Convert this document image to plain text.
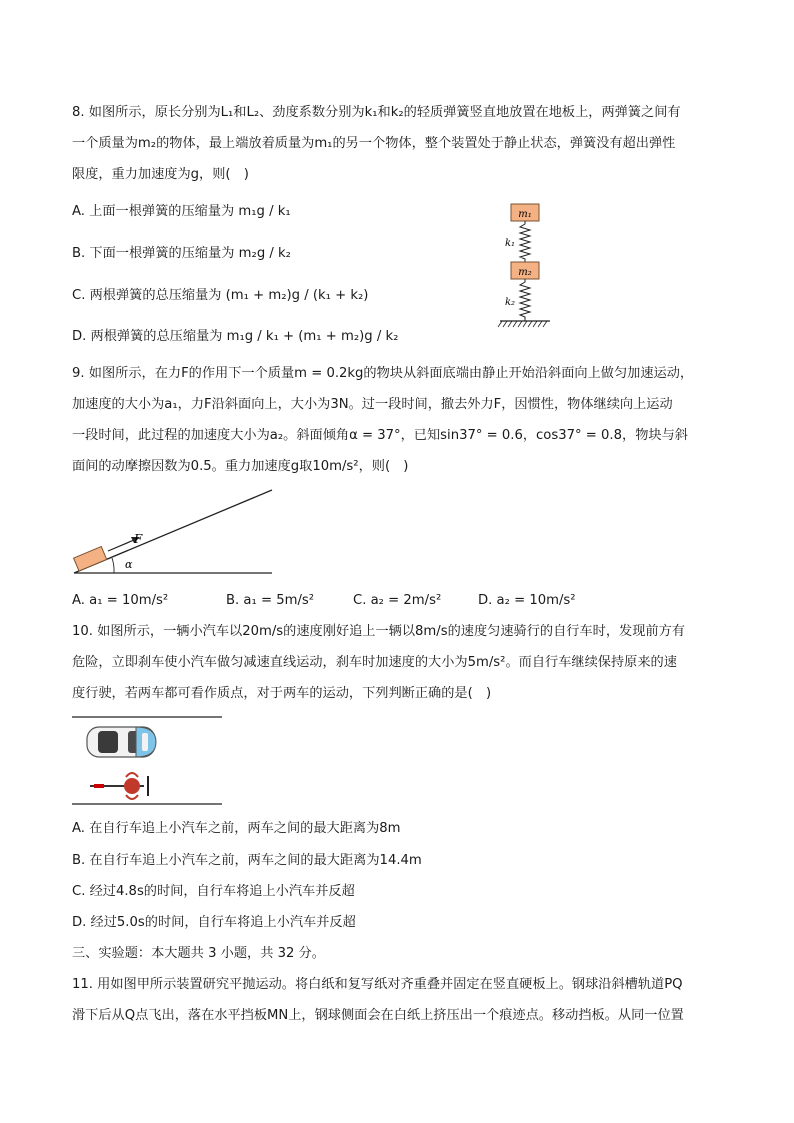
8. 如图所示，原长分别为L₁和L₂、劲度系数分别为k₁和k₂的轻质弹簧竖直地放置在地板上，两弹簧之间有
一个质量为m₂的物体，最上端放着质量为m₁的另一个物体，整个装置处于静止状态，弹簧没有超出弹性
限度，重力加速度为g，则(　)
A. 上面一根弹簧的压缩量为 m₁g / k₁
B. 下面一根弹簧的压缩量为 m₂g / k₂
C. 两根弹簧的总压缩量为 (m₁ + m₂)g / (k₁ + k₂)
D. 两根弹簧的总压缩量为 m₁g / k₁ + (m₁ + m₂)g / k₂
m₁
k₁
m₂
k₂
9. 如图所示，在力F的作用下一个质量m = 0.2kg的物块从斜面底端由静止开始沿斜面向上做匀加速运动，
加速度的大小为a₁，力F沿斜面向上，大小为3N。过一段时间，撤去外力F，因惯性，物体继续向上运动
一段时间，此过程的加速度大小为a₂。斜面倾角α = 37°，已知sin37° = 0.6，cos37° = 0.8，物块与斜
面间的动摩擦因数为0.5。重力加速度g取10m/s²，则(　)
F
α
A. a₁ = 10m/s²	B. a₁ = 5m/s²	C. a₂ = 2m/s²	D. a₂ = 10m/s²
10. 如图所示，一辆小汽车以20m/s的速度刚好追上一辆以8m/s的速度匀速骑行的自行车时，发现前方有
危险，立即刹车使小汽车做匀减速直线运动，刹车时加速度的大小为5m/s²。而自行车继续保持原来的速
度行驶，若两车都可看作质点，对于两车的运动，下列判断正确的是(　)
A. 在自行车追上小汽车之前，两车之间的最大距离为8m
B. 在自行车追上小汽车之前，两车之间的最大距离为14.4m
C. 经过4.8s的时间，自行车将追上小汽车并反超
D. 经过5.0s的时间，自行车将追上小汽车并反超
三、实验题：本大题共 3 小题，共 32 分。
11. 用如图甲所示装置研究平抛运动。将白纸和复写纸对齐重叠并固定在竖直硬板上。钢球沿斜槽轨道PQ
滑下后从Q点飞出，落在水平挡板MN上，钢球侧面会在白纸上挤压出一个痕迹点。移动挡板。从同一位置
